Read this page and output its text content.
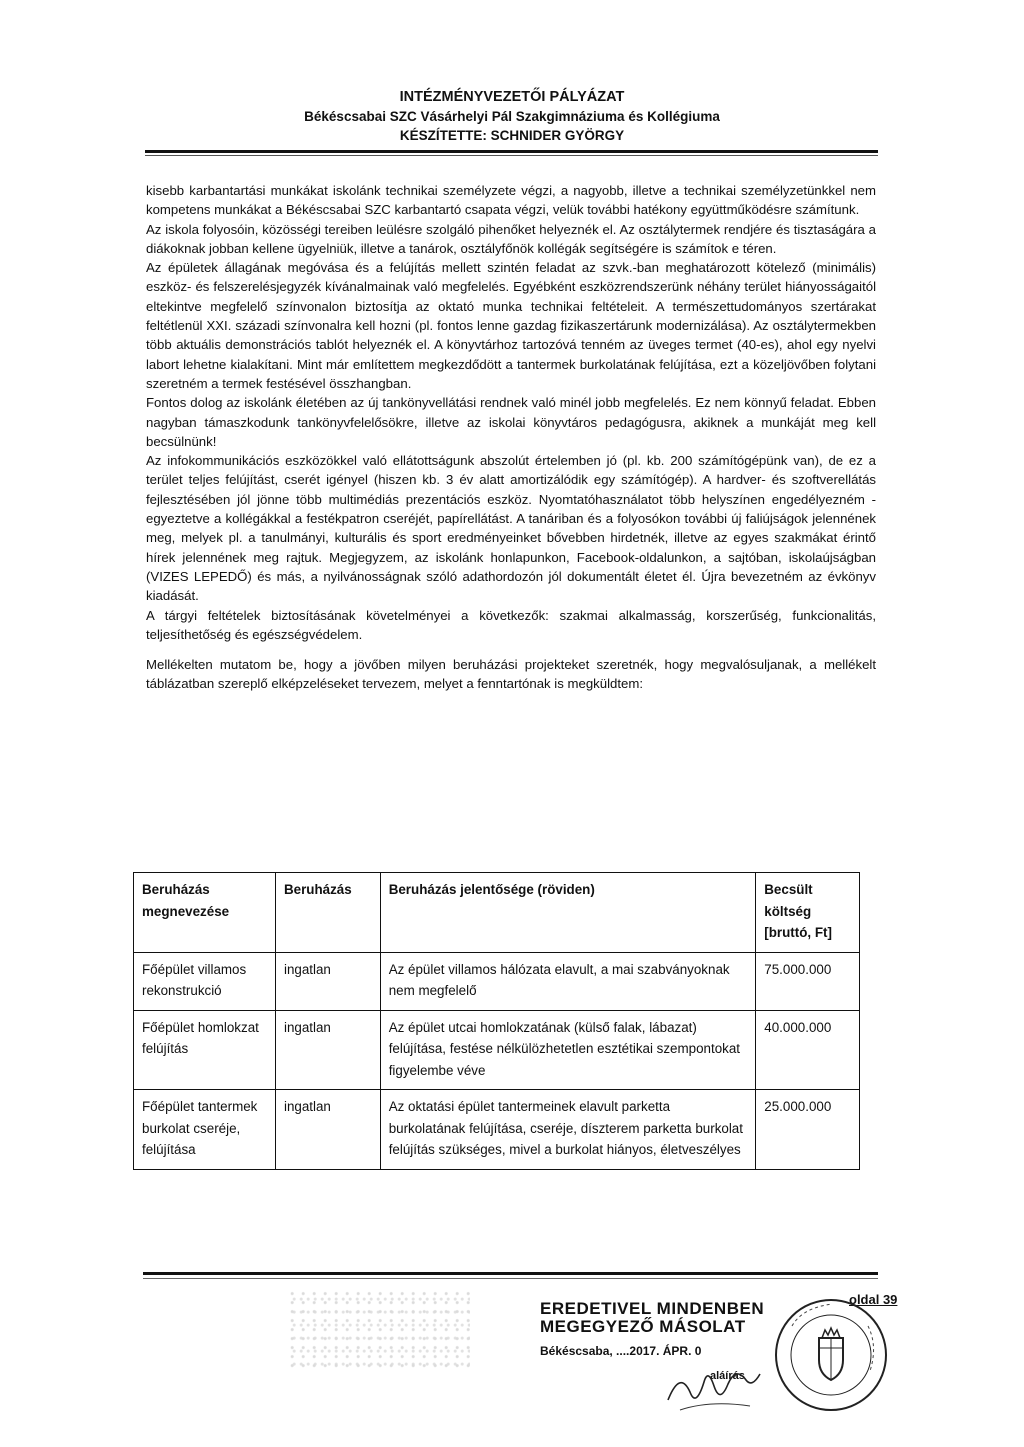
INTÉZMÉNYVEZETŐI PÁLYÁZAT
Békéscsabai SZC Vásárhelyi Pál Szakgimnáziuma és Kollégiuma
KÉSZÍTETTE: SCHNIDER GYÖRGY

kisebb karbantartási munkákat iskolánk technikai személyzete végzi, a nagyobb, illetve a technikai személyzetünkkel nem kompetens munkákat a Békéscsabai SZC karbantartó csapata végzi, velük további hatékony együttműködésre számítunk.

Az iskola folyosóin, közösségi tereiben leülésre szolgáló pihenőket helyeznék el. Az osztálytermek rendjére és tisztaságára a diákoknak jobban kellene ügyelniük, illetve a tanárok, osztályfőnök kollégák segítségére is számítok e téren.

Az épületek állagának megóvása és a felújítás mellett szintén feladat az szvk.-ban meghatározott kötelező (minimális) eszköz- és felszerelésjegyzék kívánalmainak való megfelelés. Egyébként eszközrendszerünk néhány terület hiányosságaitól eltekintve megfelelő színvonalon biztosítja az oktató munka technikai feltételeit. A természettudományos szertárakat feltétlenül XXI. századi színvonalra kell hozni (pl. fontos lenne gazdag fizikaszertárunk modernizálása). Az osztálytermekben több aktuális demonstrációs tablót helyeznék el. A könyvtárhoz tartozóvá tenném az üveges termet (40-es), ahol egy nyelvi labort lehetne kialakítani. Mint már említettem megkezdődött a tantermek burkolatának felújítása, ezt a közeljövőben folytani szeretném a termek festésével összhangban.

Fontos dolog az iskolánk életében az új tankönyvellátási rendnek való minél jobb megfelelés. Ez nem könnyű feladat. Ebben nagyban támaszkodunk tankönyvfelelősökre, illetve az iskolai könyvtáros pedagógusra, akiknek a munkáját meg kell becsülnünk!

Az infokommunikációs eszközökkel való ellátottságunk abszolút értelemben jó (pl. kb. 200 számítógépünk van), de ez a terület teljes felújítást, cserét igényel (hiszen kb. 3 év alatt amortizálódik egy számítógép). A hardver- és szoftverellátás fejlesztésében jól jönne több multimédiás prezentációs eszköz. Nyomtatóhasználatot több helyszínen engedélyezném - egyeztetve a kollégákkal a festékpatron cseréjét, papírellátást. A tanáriban és a folyosókon további új faliújságok jelennének meg, melyek pl. a tanulmányi, kulturális és sport eredményeinket bővebben hirdetnék, illetve az egyes szakmákat érintő hírek jelennének meg rajtuk. Megjegyzem, az iskolánk honlapunkon, Facebook-oldalunkon, a sajtóban, iskolaújságban (VIZES LEPEDŐ) és más, a nyilvánosságnak szóló adathordozón jól dokumentált életet él. Újra bevezetném az évkönyv kiadását.

A tárgyi feltételek biztosításának követelményei a következők: szakmai alkalmasság, korszerűség, funkcionalitás, teljesíthetőség és egészségvédelem.

Mellékelten mutatom be, hogy a jövőben milyen beruházási projekteket szeretnék, hogy megvalósuljanak, a mellékelt táblázatban szereplő elképzeléseket tervezem, melyet a fenntartónak is megküldtem:

Beruházás megnevezése	Beruházás	Beruházás jelentősége (röviden)	Becsült költség [bruttó, Ft]
Főépület villamos rekonstrukció	ingatlan	Az épület villamos hálózata elavult, a mai szabványoknak nem megfelelő	75.000.000
Főépület homlokzat felújítás	ingatlan	Az épület utcai homlokzatának (külső falak, lábazat) felújítása, festése nélkülözhetetlen esztétikai szempontokat figyelembe véve	40.000.000
Főépület tantermek burkolat cseréje, felújítása	ingatlan	Az oktatási épület tantermeinek elavult parketta burkolatának felújítása, cseréje, díszterem parketta burkolat felújítás szükséges, mivel a burkolat hiányos, életveszélyes	25.000.000
oldal 39
EREDETIVEL MINDENBEN
MEGEGYEZŐ MÁSOLAT
Békéscsaba, ....2017. ÁPR. 0
aláírás
